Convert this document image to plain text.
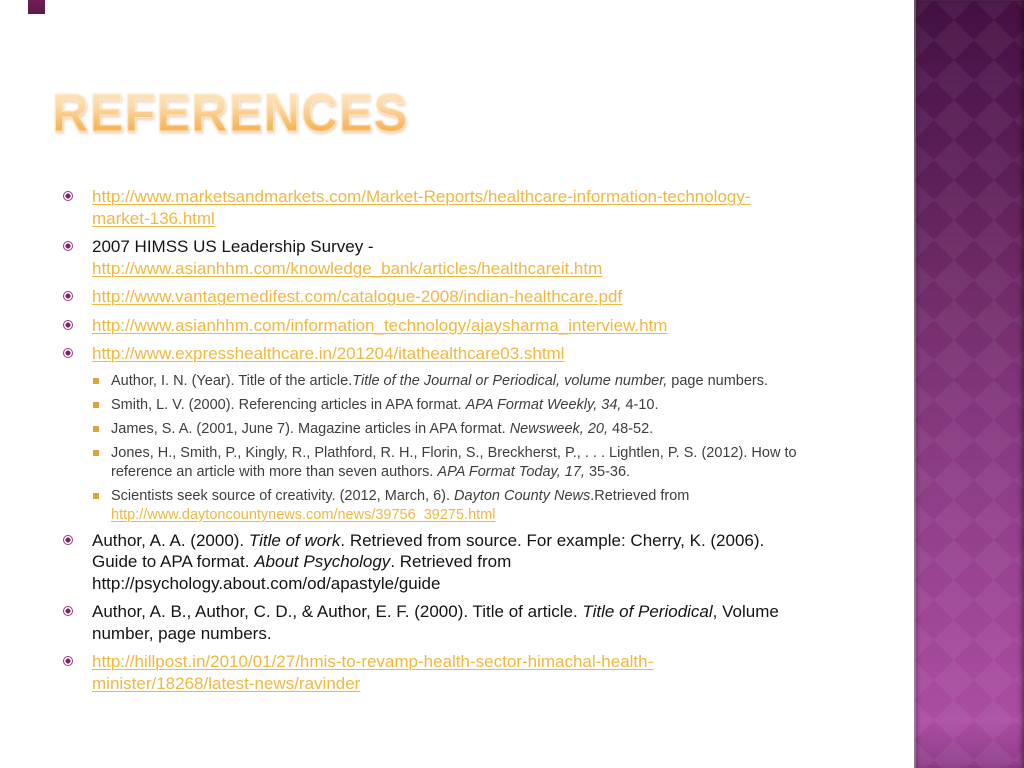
REFERENCES
http://www.marketsandmarkets.com/Market-Reports/healthcare-information-technology-market-136.html
2007 HIMSS US Leadership Survey - http://www.asianhhm.com/knowledge_bank/articles/healthcareit.htm
http://www.vantagemedifest.com/catalogue-2008/indian-healthcare.pdf
http://www.asianhhm.com/information_technology/ajaysharma_interview.htm
http://www.expresshealthcare.in/201204/itathealthcare03.shtml
Author, I. N. (Year). Title of the article.Title of the Journal or Periodical, volume number, page numbers.
Smith, L. V. (2000). Referencing articles in APA format. APA Format Weekly, 34, 4-10.
James, S. A. (2001, June 7). Magazine articles in APA format. Newsweek, 20, 48-52.
Jones, H., Smith, P., Kingly, R., Plathford, R. H., Florin, S., Breckherst, P., . . . Lightlen, P. S. (2012). How to reference an article with more than seven authors. APA Format Today, 17, 35-36.
Scientists seek source of creativity. (2012, March, 6). Dayton County News.Retrieved from http://www.daytoncountynews.com/news/39756_39275.html
Author, A. A. (2000). Title of work. Retrieved from source. For example: Cherry, K. (2006). Guide to APA format. About Psychology. Retrieved from http://psychology.about.com/od/apastyle/guide
Author, A. B., Author, C. D., & Author, E. F. (2000). Title of article. Title of Periodical, Volume number, page numbers.
http://hillpost.in/2010/01/27/hmis-to-revamp-health-sector-himachal-health-minister/18268/latest-news/ravinder
